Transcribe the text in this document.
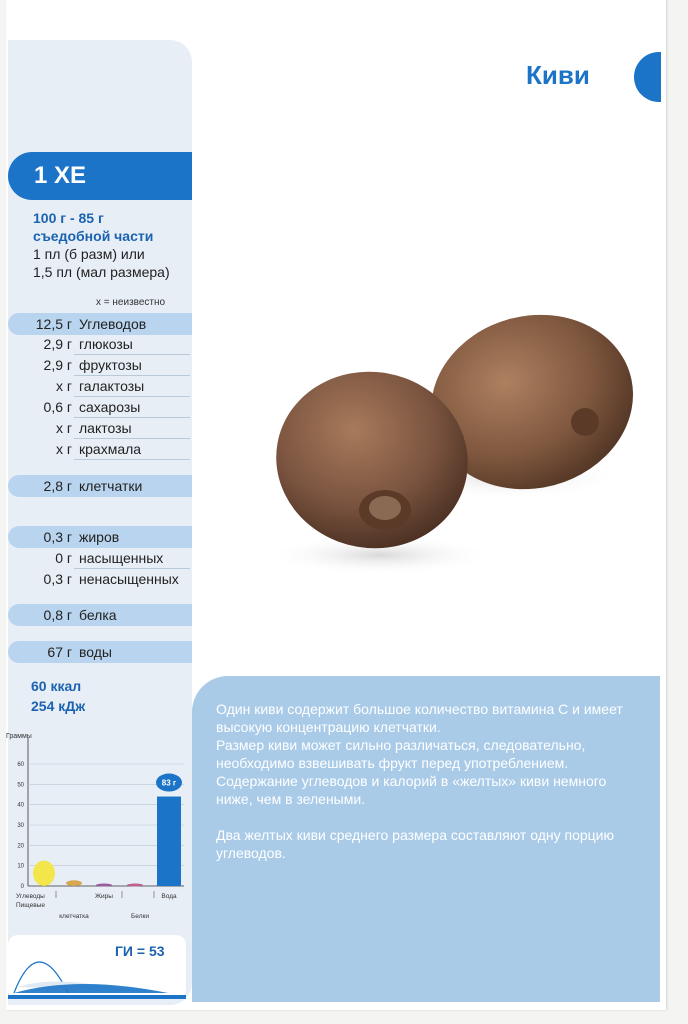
Киви
1 ХЕ
100 г - 85 г
съедобной части
1 пл (б разм) или
1,5 пл (мал размера)
х = неизвестно
12,5 г Углеводов
2,9 г глюкозы
2,9 г фруктозы
х г галактозы
0,6 г сахарозы
х г лактозы
х г крахмала
2,8 г клетчатки
0,3 г жиров
0 г насыщенных
0,3 г ненасыщенных
0,8 г белка
67 г воды
60 ккал
254 кДж
Граммы
0
10
20
30
40
50
60
83 г
Углеводы	Жиры	Вода
Пищевые
клетчатка	Белки
ГИ = 53

Один киви содержит большое количество витамина С и имеет высокую концентрацию клетчатки.

Размер киви может сильно различаться, следовательно, необходимо взвешивать фрукт перед употреблением.

Содержание углеводов и калорий в «желтых» киви немного ниже, чем в зелеными.

Два желтых киви среднего размера составляют одну порцию углеводов.
